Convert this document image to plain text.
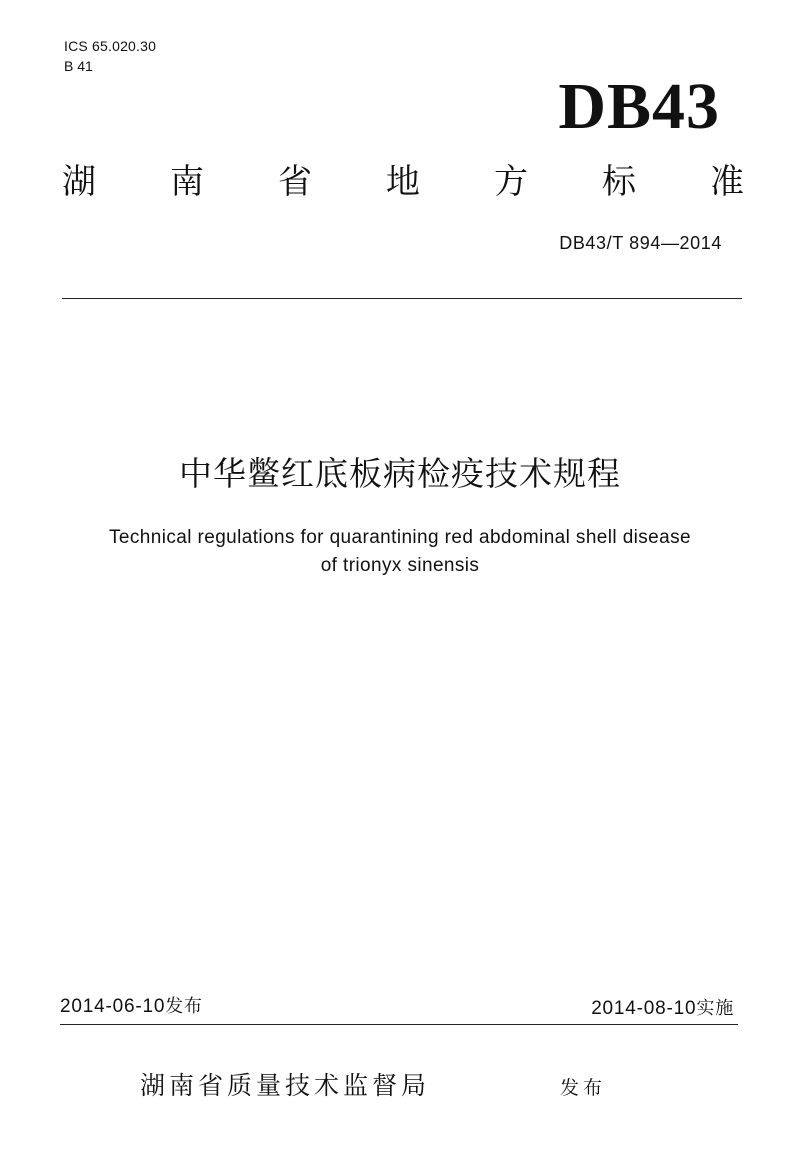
ICS 65.020.30
B 41
DB43
湖 南 省 地 方 标 准
DB43/T 894—2014
中华鳖红底板病检疫技术规程
Technical regulations for quarantining red abdominal shell disease
of trionyx sinensis
2014-06-10发布	2014-08-10实施
湖南省质量技术监督局	发布
